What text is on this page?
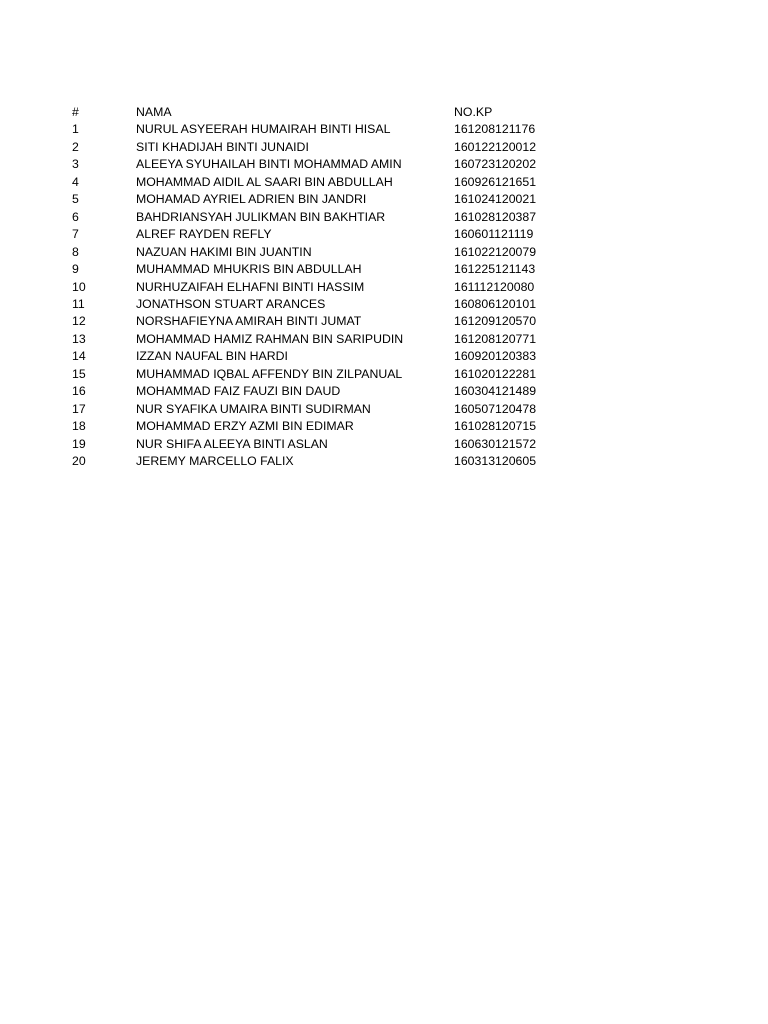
#	NAMA	NO.KP
1	NURUL ASYEERAH HUMAIRAH BINTI HISAL	161208121176
2	SITI KHADIJAH BINTI JUNAIDI	160122120012
3	ALEEYA SYUHAILAH BINTI MOHAMMAD AMIN	160723120202
4	MOHAMMAD AIDIL AL SAARI BIN ABDULLAH	160926121651
5	MOHAMAD AYRIEL ADRIEN BIN JANDRI	161024120021
6	BAHDRIANSYAH JULIKMAN BIN BAKHTIAR	161028120387
7	ALREF RAYDEN REFLY	160601121119
8	NAZUAN HAKIMI BIN JUANTIN	161022120079
9	MUHAMMAD MHUKRIS BIN ABDULLAH	161225121143
10	NURHUZAIFAH ELHAFNI BINTI HASSIM	161112120080
11	JONATHSON STUART ARANCES	160806120101
12	NORSHAFIEYNA AMIRAH BINTI JUMAT	161209120570
13	MOHAMMAD HAMIZ RAHMAN BIN SARIPUDIN	161208120771
14	IZZAN NAUFAL BIN HARDI	160920120383
15	MUHAMMAD IQBAL AFFENDY BIN ZILPANUAL	161020122281
16	MOHAMMAD FAIZ FAUZI BIN DAUD	160304121489
17	NUR SYAFIKA UMAIRA BINTI SUDIRMAN	160507120478
18	MOHAMMAD ERZY AZMI BIN EDIMAR	161028120715
19	NUR SHIFA ALEEYA BINTI ASLAN	160630121572
20	JEREMY MARCELLO FALIX	160313120605
